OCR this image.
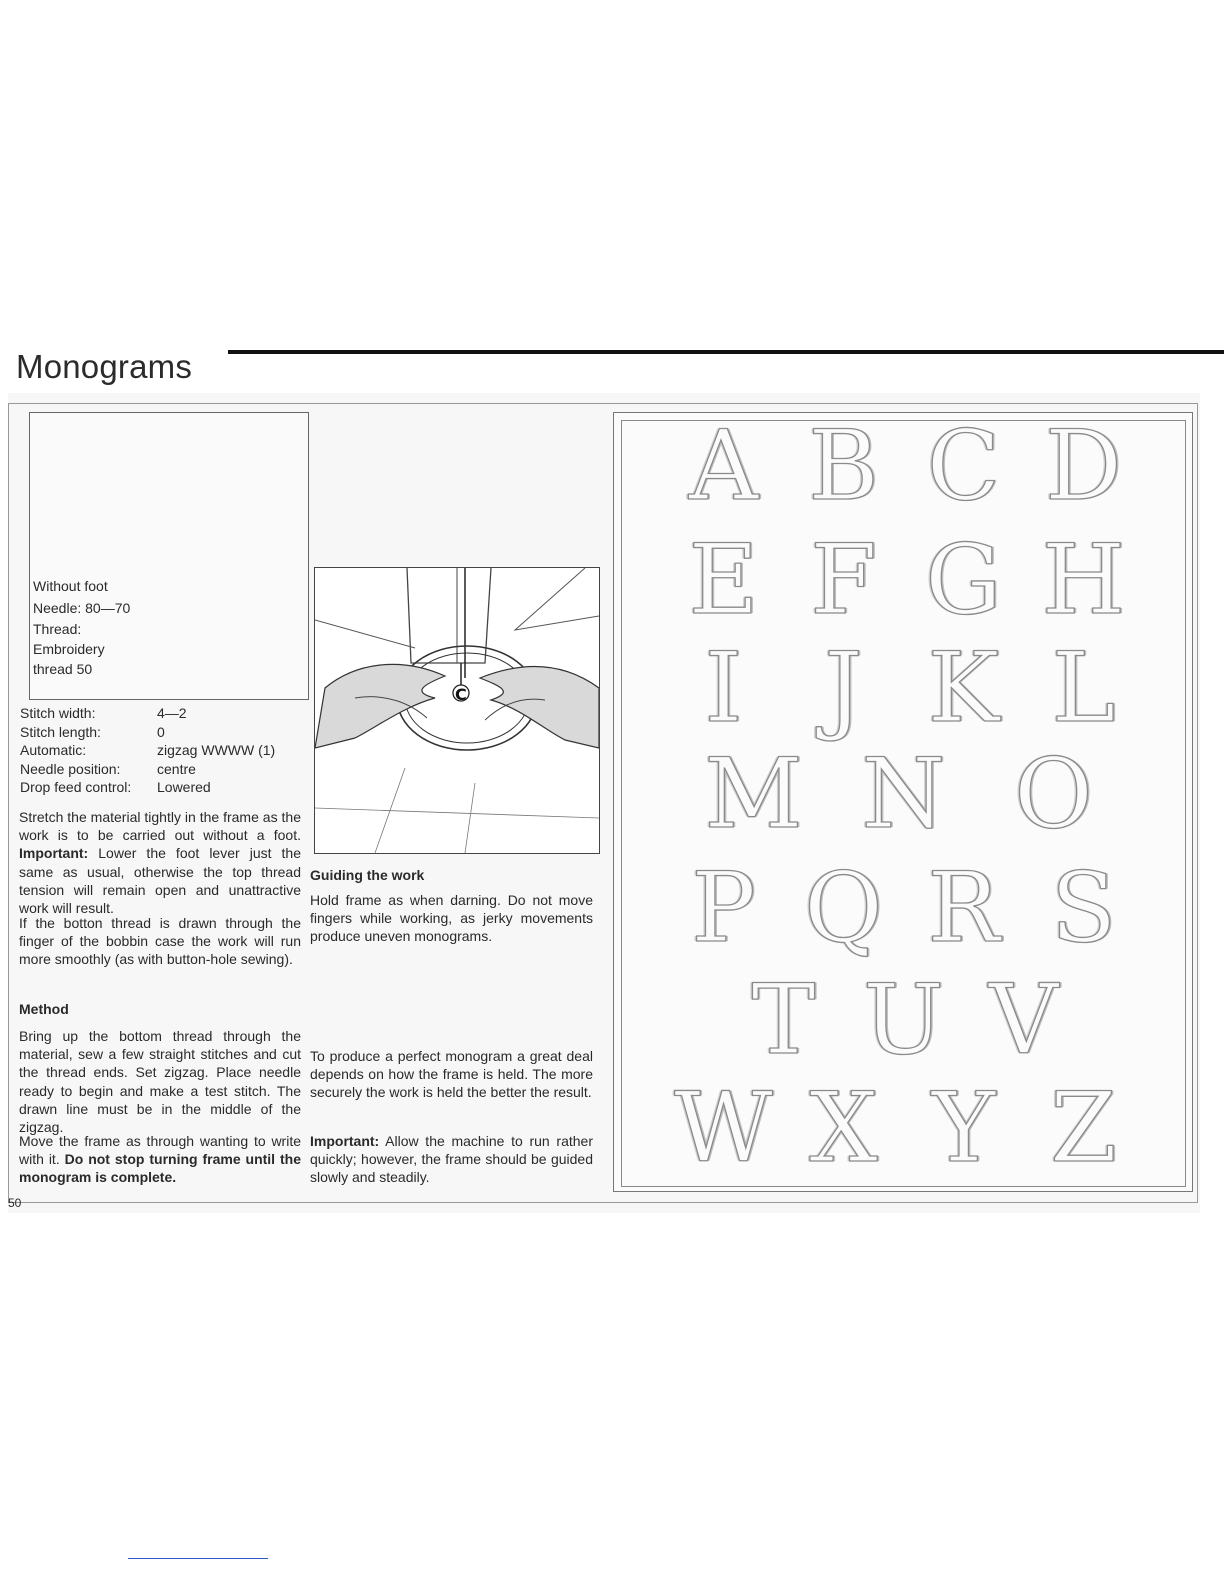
Monograms
Without foot
Needle: 80—70
Thread:
Embroidery
thread 50
Stitch width:	4—2
Stitch length:	0
Automatic:	zigzag WWWW (1)
Needle position:	centre
Drop feed control:	Lowered
Stretch the material tightly in the frame as the work is to be carried out without a foot. Important: Lower the foot lever just the same as usual, otherwise the top thread tension will remain open and unattractive work will result.
If the botton thread is drawn through the finger of the bobbin case the work will run more smoothly (as with button-hole sewing).
Method
Bring up the bottom thread through the material, sew a few straight stitches and cut the thread ends. Set zigzag. Place needle ready to begin and make a test stitch. The drawn line must be in the middle of the zigzag.
Move the frame as through wanting to write with it. Do not stop turning frame until the monogram is complete.
C
Guiding the work
Hold frame as when darning. Do not move fingers while working, as jerky movements produce uneven monograms.
To produce a perfect monogram a great deal depends on how the frame is held. The more securely the work is held the better the result.
Important: Allow the machine to run rather quickly; however, the frame should be guided slowly and steadily.
A B C D
E F G H
I J K L
M N O
P Q R S
T U V
W X Y Z
50
